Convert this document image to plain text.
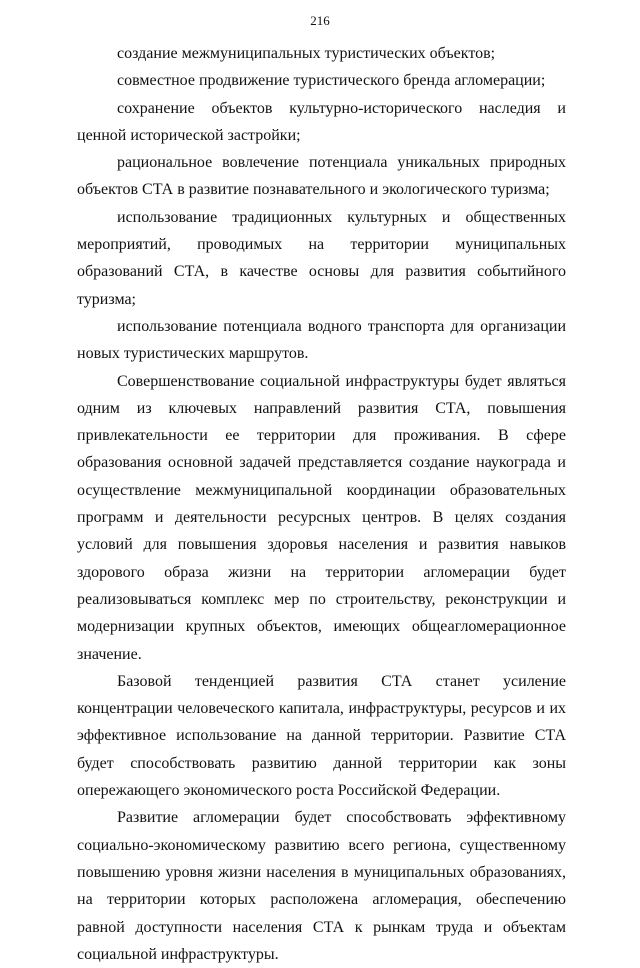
216

создание межмуниципальных туристических объектов;

совместное продвижение туристического бренда агломерации;

сохранение объектов культурно-исторического наследия и ценной исторической застройки;

рациональное вовлечение потенциала уникальных природных объектов СТА в развитие познавательного и экологического туризма;

использование традиционных культурных и общественных мероприятий, проводимых на территории муниципальных образований СТА, в качестве основы для развития событийного туризма;

использование потенциала водного транспорта для организации новых туристических маршрутов.

Совершенствование социальной инфраструктуры будет являться одним из ключевых направлений развития СТА, повышения привлекательности ее территории для проживания. В сфере образования основной задачей представляется создание наукограда и осуществление межмуниципальной координации образовательных программ и деятельности ресурсных центров. В целях создания условий для повышения здоровья населения и развития навыков здорового образа жизни на территории агломерации будет реализовываться комплекс мер по строительству, реконструкции и модернизации крупных объектов, имеющих общеагломерационное значение.

Базовой тенденцией развития СТА станет усиление концентрации человеческого капитала, инфраструктуры, ресурсов и их эффективное использование на данной территории. Развитие СТА будет способствовать развитию данной территории как зоны опережающего экономического роста Российской Федерации.

Развитие агломерации будет способствовать эффективному социально-экономическому развитию всего региона, существенному повышению уровня жизни населения в муниципальных образованиях, на территории которых расположена агломерация, обеспечению равной доступности населения СТА к рынкам труда и объектам социальной инфраструктуры.
